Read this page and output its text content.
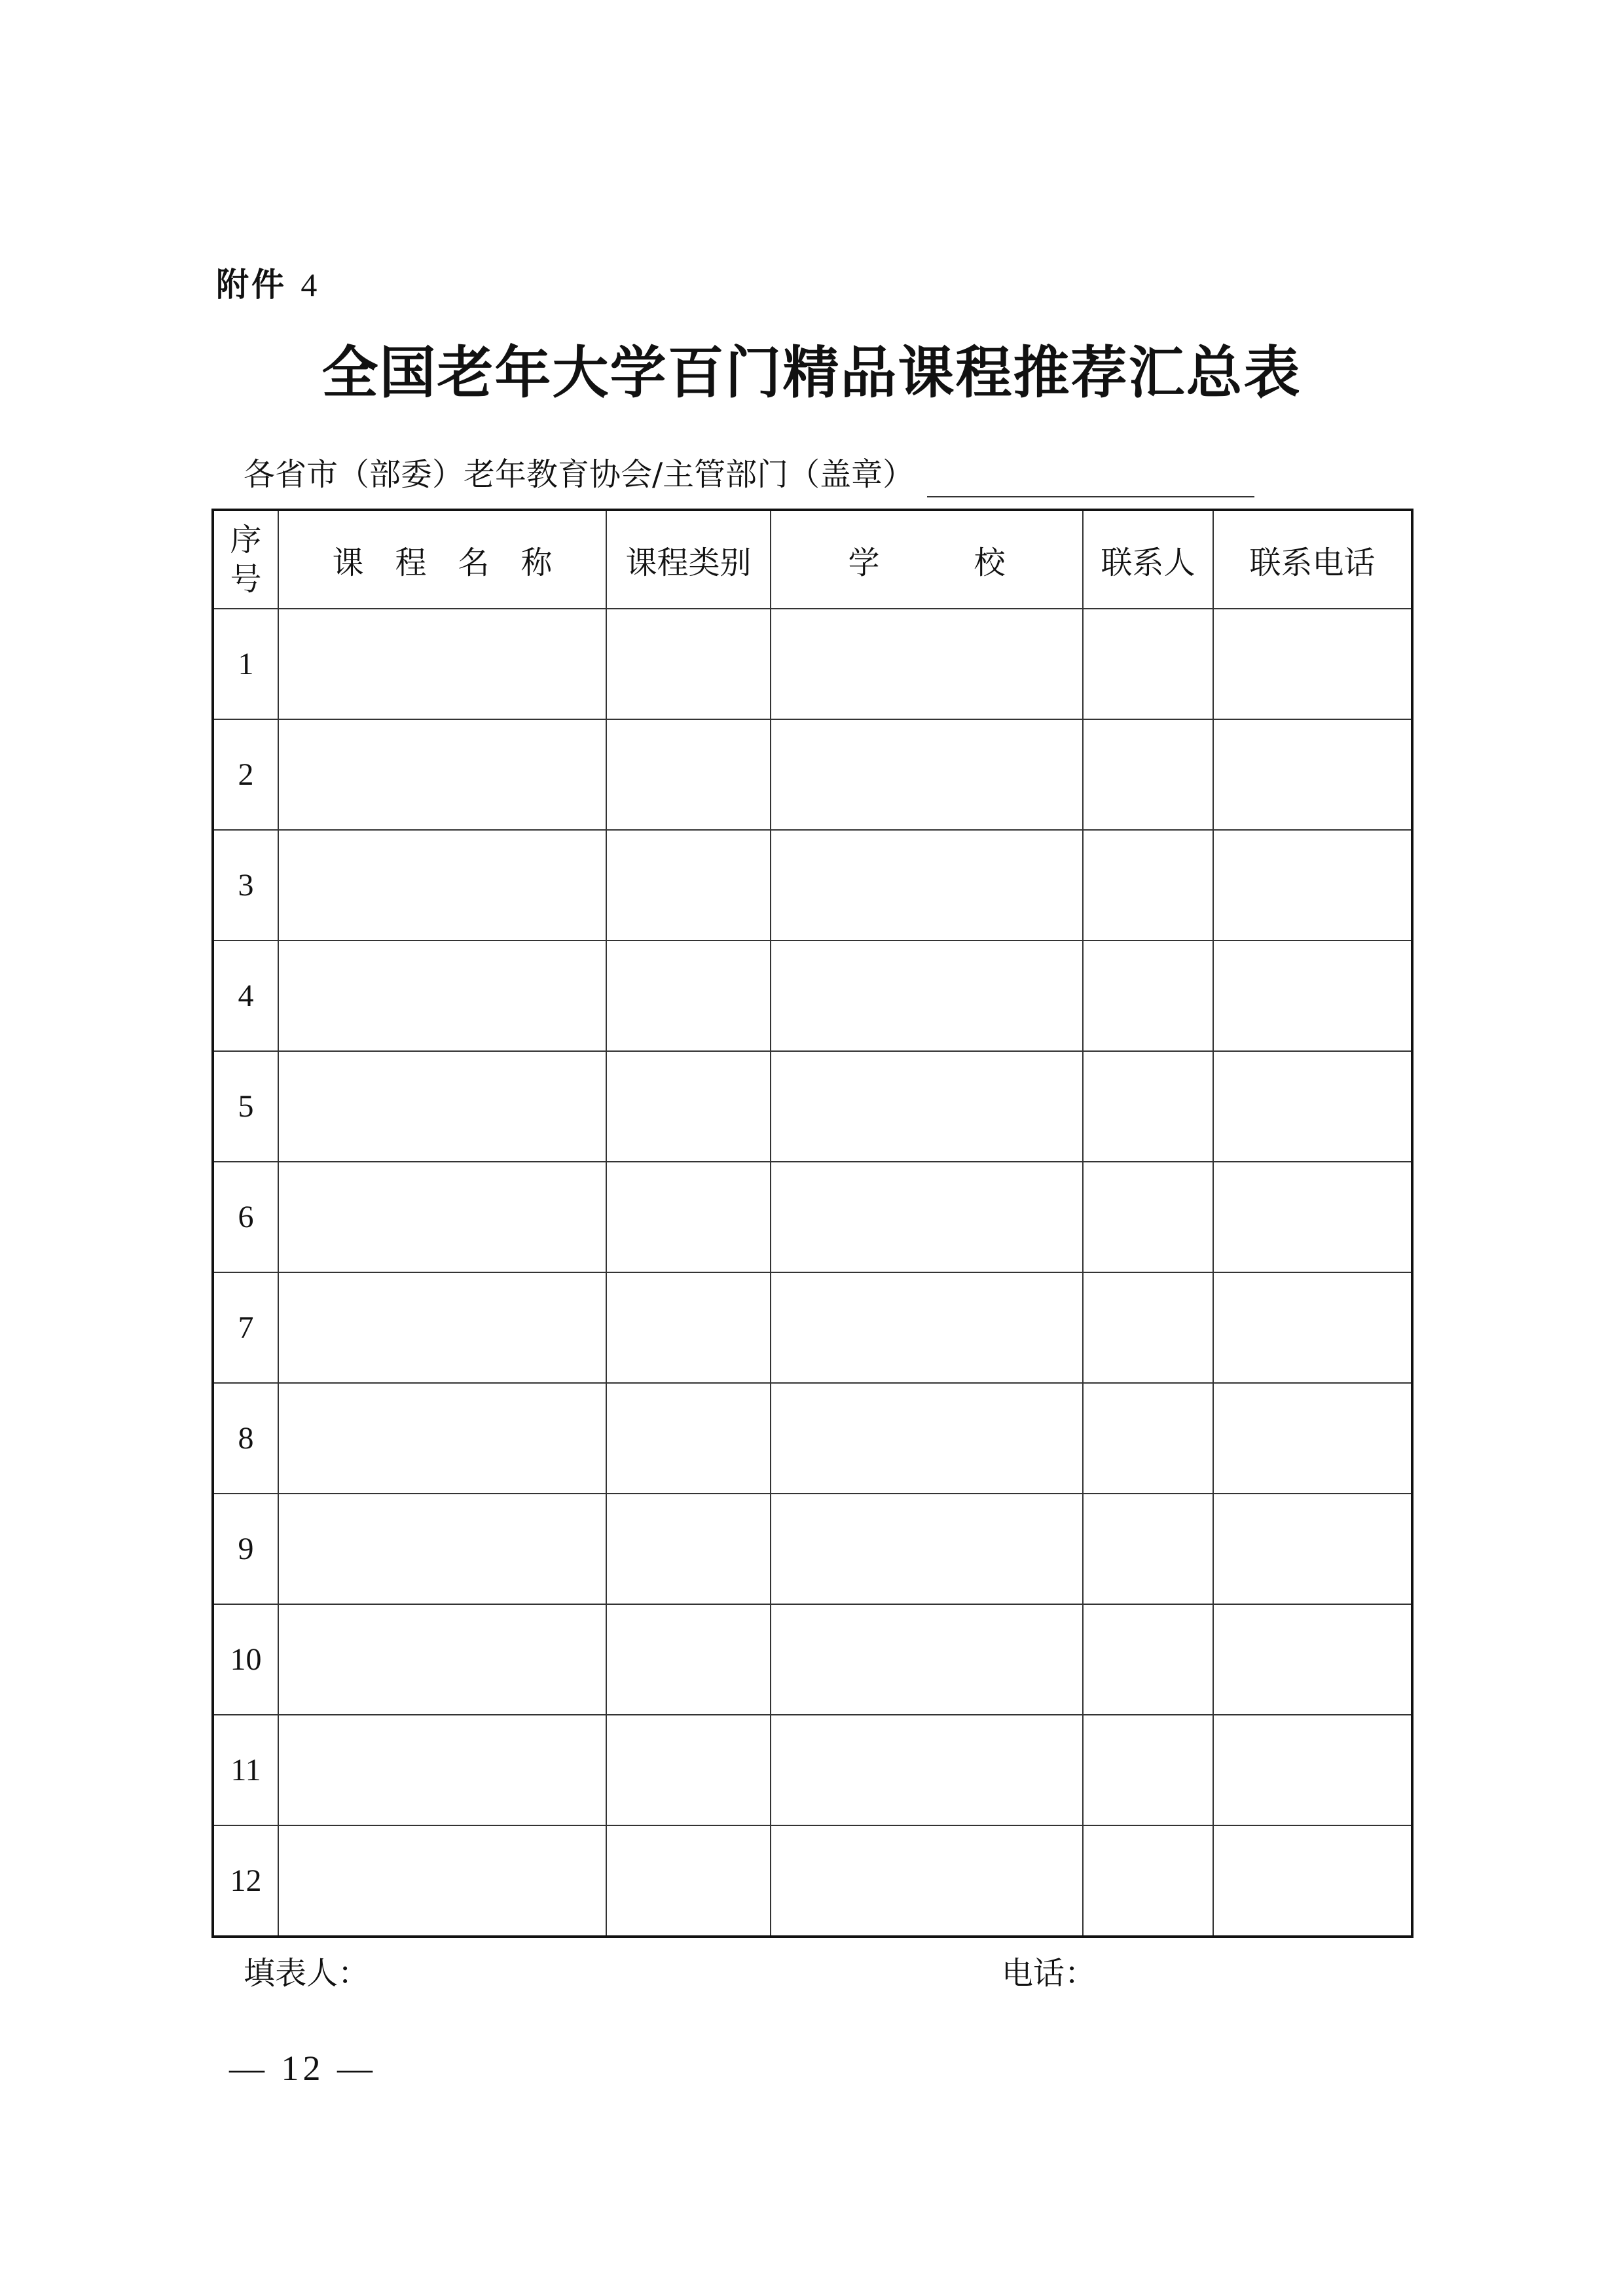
附件 4
全国老年大学百门精品课程推荐汇总表
各省市（部委）老年教育协会/主管部门（盖章）
序
号	课　程　名　称	课程类别	学　　　校	联系人	联系电话
1					
2					
3					
4					
5					
6					
7					
8					
9					
10					
11					
12					
填表人：	电话：
— 12 —
